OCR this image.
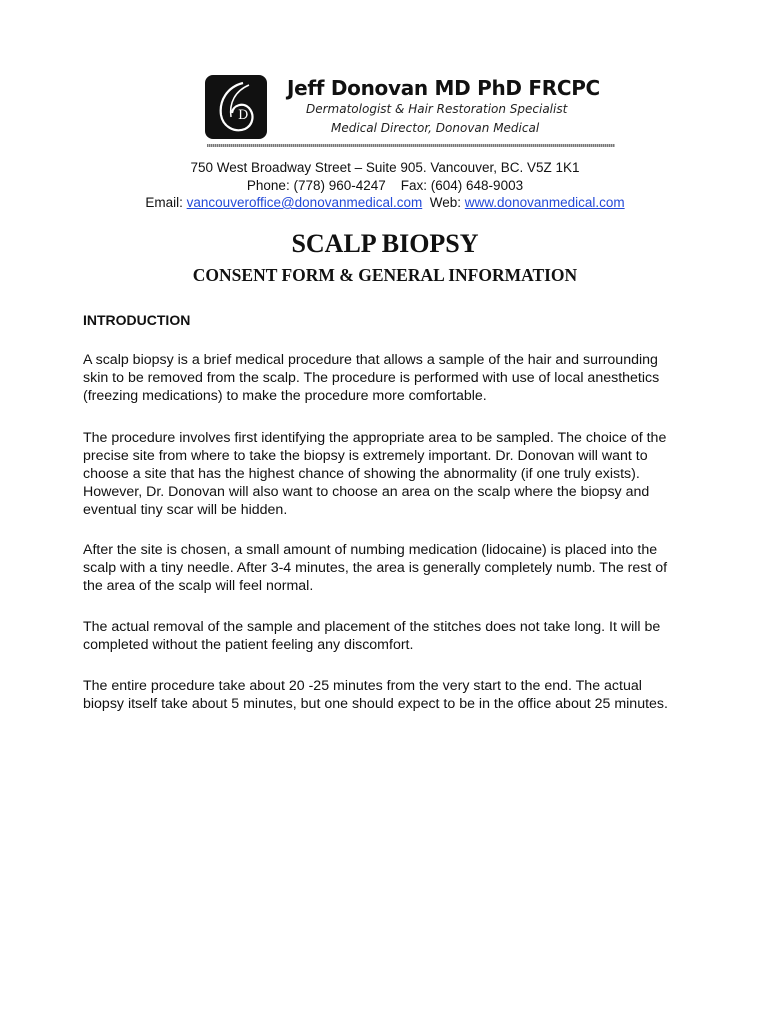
D
Jeff Donovan MD PhD FRCPC
Dermatologist & Hair Restoration Specialist
Medical Director, Donovan Medical
750 West Broadway Street – Suite 905. Vancouver, BC. V5Z 1K1
Phone: (778) 960-4247    Fax: (604) 648-9003
Email: vancouveroffice@donovanmedical.com Web: www.donovanmedical.com
SCALP BIOPSY
CONSENT FORM & GENERAL INFORMATION
INTRODUCTION
A scalp biopsy is a brief medical procedure that allows a sample of the hair and surrounding
skin to be removed from the scalp. The procedure is performed with use of local anesthetics
(freezing medications) to make the procedure more comfortable.
The procedure involves first identifying the appropriate area to be sampled. The choice of the
precise site from where to take the biopsy is extremely important. Dr. Donovan will want to
choose a site that has the highest chance of showing the abnormality (if one truly exists).
However, Dr. Donovan will also want to choose an area on the scalp where the biopsy and
eventual tiny scar will be hidden.
After the site is chosen, a small amount of numbing medication (lidocaine) is placed into the
scalp with a tiny needle. After 3-4 minutes, the area is generally completely numb. The rest of
the area of the scalp will feel normal.
The actual removal of the sample and placement of the stitches does not take long. It will be
completed without the patient feeling any discomfort.
The entire procedure take about 20 -25 minutes from the very start to the end. The actual
biopsy itself take about 5 minutes, but one should expect to be in the office about 25 minutes.
